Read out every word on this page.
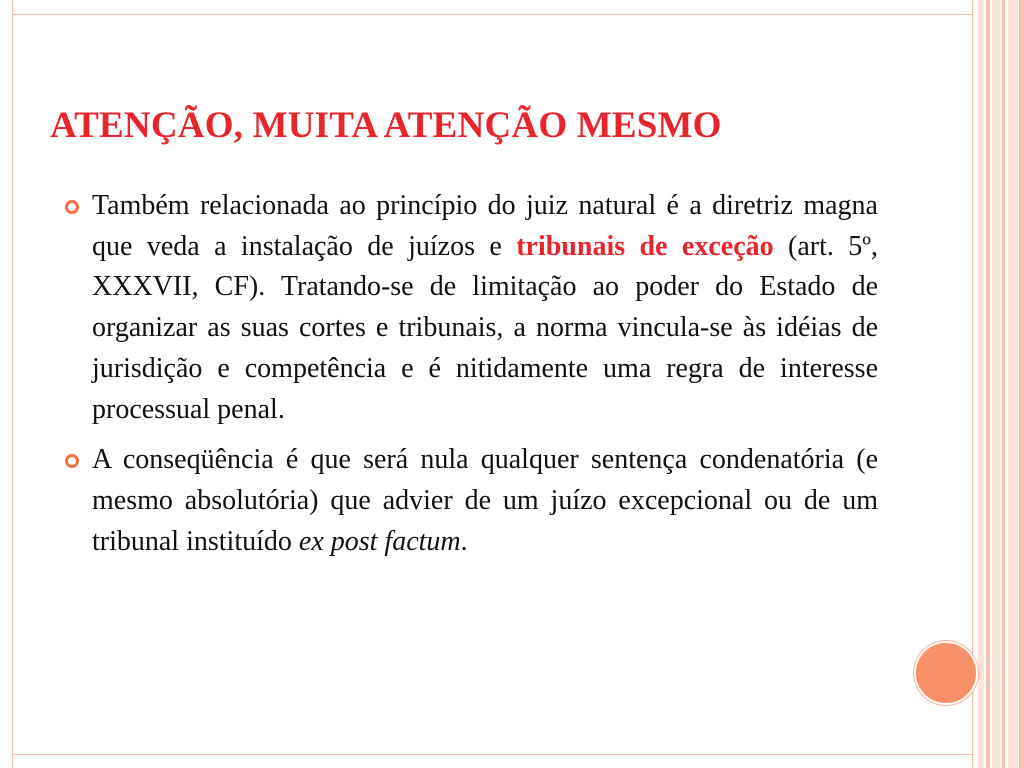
ATENÇÃO, MUITA ATENÇÃO MESMO
Também relacionada ao princípio do juiz natural é a diretriz magna que veda a instalação de juízos e tribunais de exceção (art. 5º, XXXVII, CF). Tratando-se de limitação ao poder do Estado de organizar as suas cortes e tribunais, a norma vincula-se às idéias de jurisdição e competência e é nitidamente uma regra de interesse processual penal.
A conseqüência é que será nula qualquer sentença condenatória (e mesmo absolutória) que advier de um juízo excepcional ou de um tribunal instituído ex post factum.
